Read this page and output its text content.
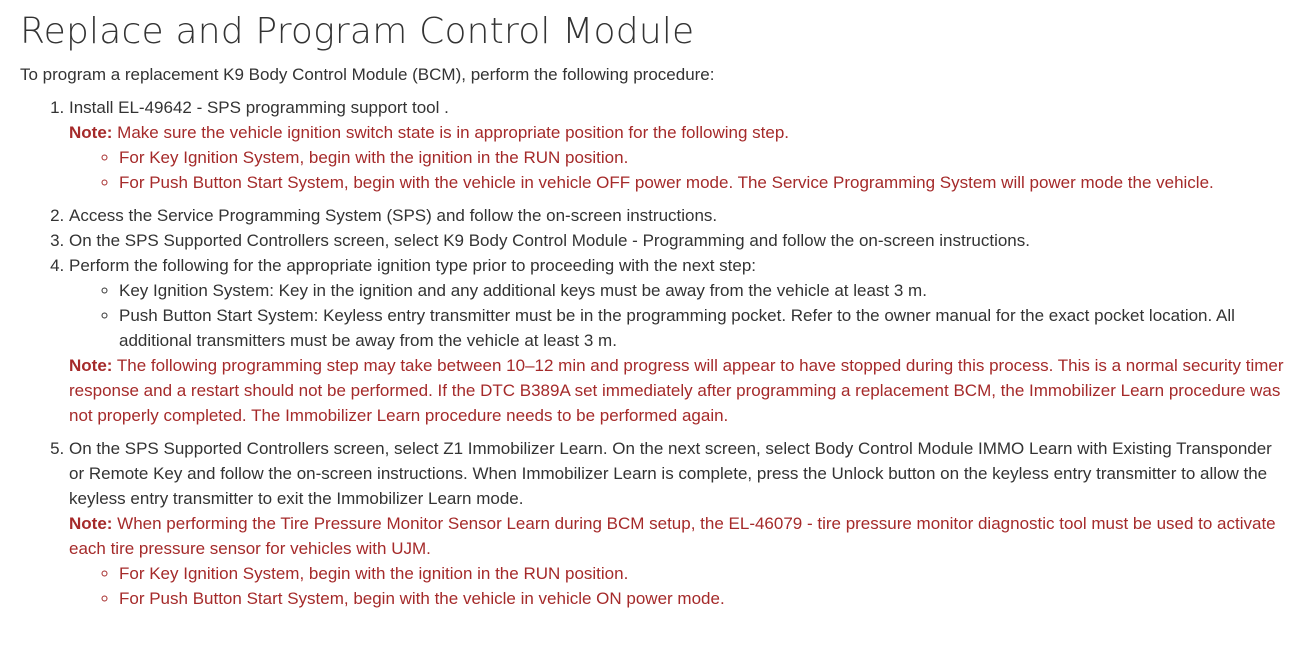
Replace and Program Control Module

To program a replacement K9 Body Control Module (BCM), perform the following procedure:

1. Install EL-49642 - SPS programming support tool .
Note: Make sure the vehicle ignition switch state is in appropriate position for the following step.
◦ For Key Ignition System, begin with the ignition in the RUN position.
◦ For Push Button Start System, begin with the vehicle in vehicle OFF power mode. The Service Programming System will power mode the vehicle.
2. Access the Service Programming System (SPS) and follow the on-screen instructions.
3. On the SPS Supported Controllers screen, select K9 Body Control Module - Programming and follow the on-screen instructions.
4. Perform the following for the appropriate ignition type prior to proceeding with the next step:
◦ Key Ignition System: Key in the ignition and any additional keys must be away from the vehicle at least 3 m.
◦ Push Button Start System: Keyless entry transmitter must be in the programming pocket. Refer to the owner manual for the exact pocket location. All additional transmitters must be away from the vehicle at least 3 m.
Note: The following programming step may take between 10–12 min and progress will appear to have stopped during this process. This is a normal security timer response and a restart should not be performed. If the DTC B389A set immediately after programming a replacement BCM, the Immobilizer Learn procedure was not properly completed. The Immobilizer Learn procedure needs to be performed again.
5. On the SPS Supported Controllers screen, select Z1 Immobilizer Learn. On the next screen, select Body Control Module IMMO Learn with Existing Transponder or Remote Key and follow the on-screen instructions. When Immobilizer Learn is complete, press the Unlock button on the keyless entry transmitter to allow the keyless entry transmitter to exit the Immobilizer Learn mode.
Note: When performing the Tire Pressure Monitor Sensor Learn during BCM setup, the EL-46079 - tire pressure monitor diagnostic tool must be used to activate each tire pressure sensor for vehicles with UJM.
◦ For Key Ignition System, begin with the ignition in the RUN position.
◦ For Push Button Start System, begin with the vehicle in vehicle ON power mode.
